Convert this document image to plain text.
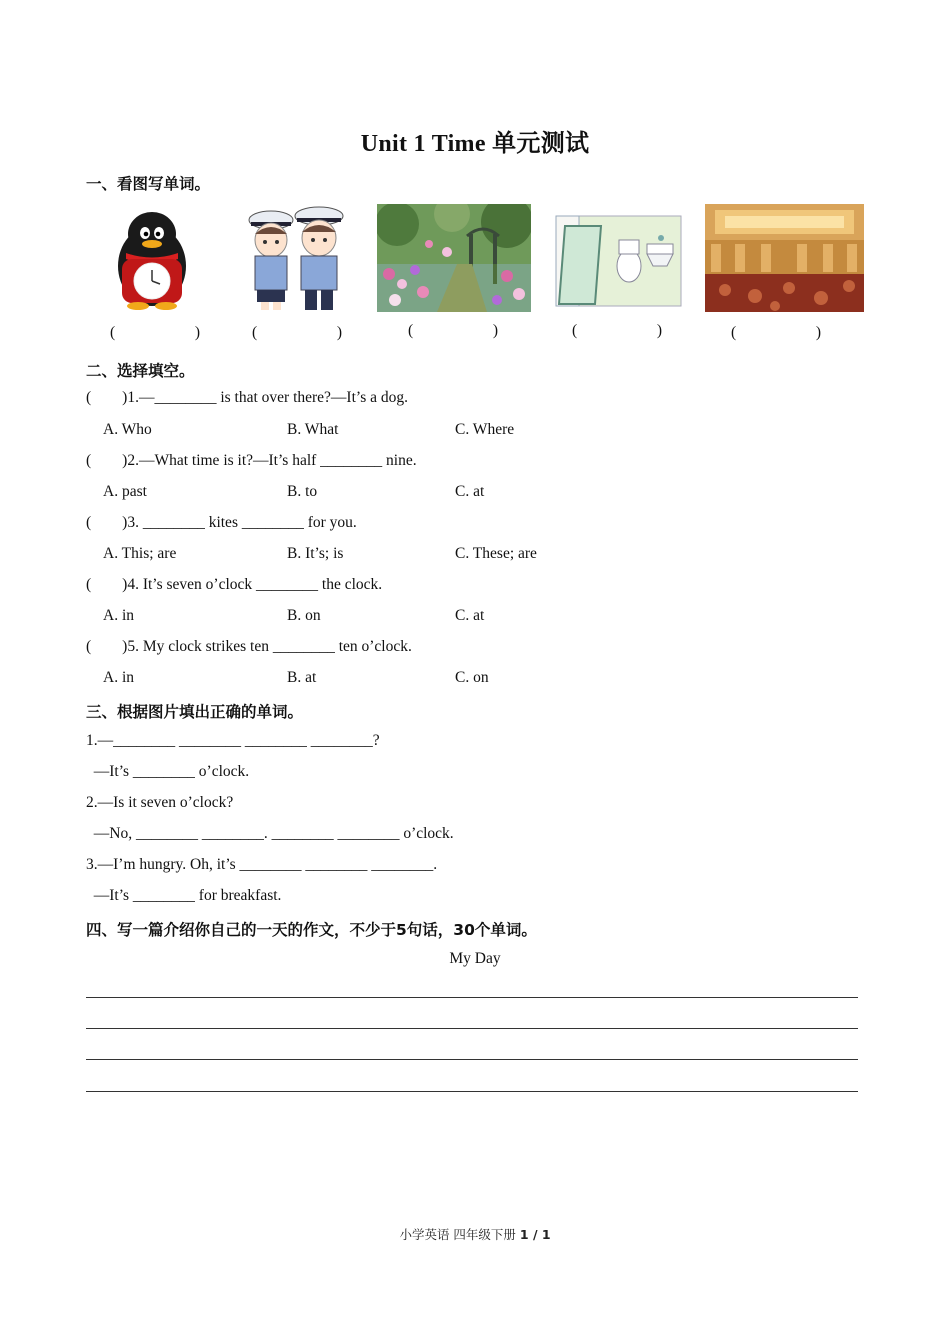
Unit 1 Time 单元测试
一、看图写单词。
(	)	(	)	(	)	(	)	(	)
二、选择填空。
(        )1.—________ is that over there?—It’s a dog.
A. Who	B. What	C. Where
(        )2.—What time is it?—It’s half ________ nine.
A. past	B. to	C. at
(        )3. ________ kites ________ for you.
A. This; are	B. It’s; is	C. These; are
(        )4. It’s seven o’clock ________ the clock.
A. in	B. on	C. at
(        )5. My clock strikes ten ________ ten o’clock.
A. in	B. at	C. on
三、根据图片填出正确的单词。
1.—________ ________ ________ ________?
—It’s ________ o’clock.
2.—Is it seven o’clock?
—No, ________ ________. ________ ________ o’clock.
3.—I’m hungry. Oh, it’s ________ ________ ________.
—It’s ________ for breakfast.
四、写一篇介绍你自己的一天的作文，不少于5句话，30个单词。
My Day
小学英语 四年级下册 1 / 1
